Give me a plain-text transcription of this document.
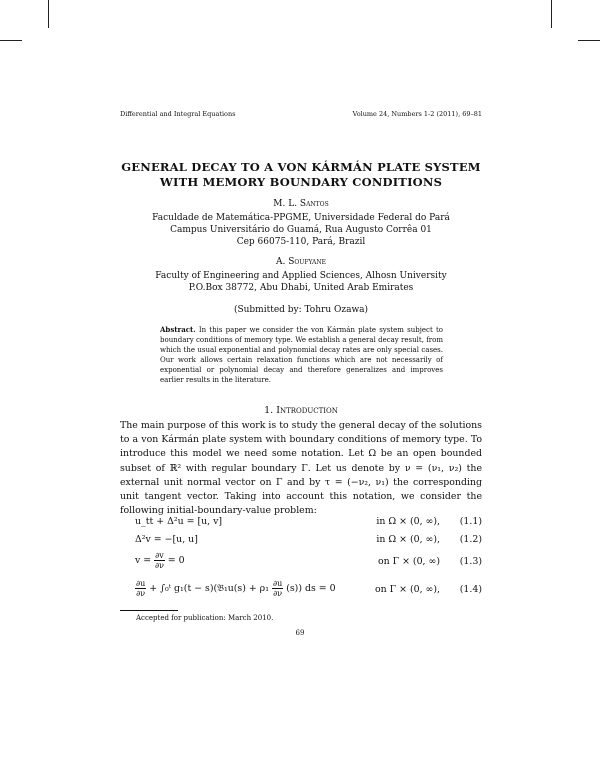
Differential and Integral Equations	Volume 24, Numbers 1-2 (2011), 69–81
GENERAL DECAY TO A VON KÁRMÁN PLATE SYSTEM
WITH MEMORY BOUNDARY CONDITIONS
M. L. Santos
Faculdade de Matemática-PPGME, Universidade Federal do Pará
Campus Universitário do Guamá, Rua Augusto Corrêa 01
Cep 66075-110, Pará, Brazil
A. Soufyane
Faculty of Engineering and Applied Sciences, Alhosn University
P.O.Box 38772, Abu Dhabi, United Arab Emirates
(Submitted by: Tohru Ozawa)
Abstract. In this paper we consider the von Kármán plate system subject to boundary conditions of memory type. We establish a general decay result, from which the usual exponential and polynomial decay rates are only special cases. Our work allows certain relaxation functions which are not necessarily of exponential or polynomial decay and therefore generalizes and improves earlier results in the literature.
1. Introduction
The main purpose of this work is to study the general decay of the solutions to a von Kármán plate system with boundary conditions of memory type. To introduce this model we need some notation. Let Ω be an open bounded subset of ℝ² with regular boundary Γ. Let us denote by ν = (ν₁, ν₂) the external unit normal vector on Γ and by τ = (−ν₂, ν₁) the corresponding unit tangent vector. Taking into account this notation, we consider the following initial-boundary-value problem:
u_tt + Δ²u = [u, v]	in Ω × (0, ∞), (1.1)
Δ²v = −[u, u]	in Ω × (0, ∞), (1.2)
$v = \frac{\partial v}{\partial\nu} = 0$	on Γ × (0, ∞) (1.3)
$\frac{\partial u}{\partial\nu}$ + ∫₀ᵗ g₁(t − s)(𝔅₁u(s) + $\rho_1 \frac{\partial u}{\partial\nu} (s)$) ds = 0	on Γ × (0, ∞), (1.4)
Accepted for publication: March 2010.
69
